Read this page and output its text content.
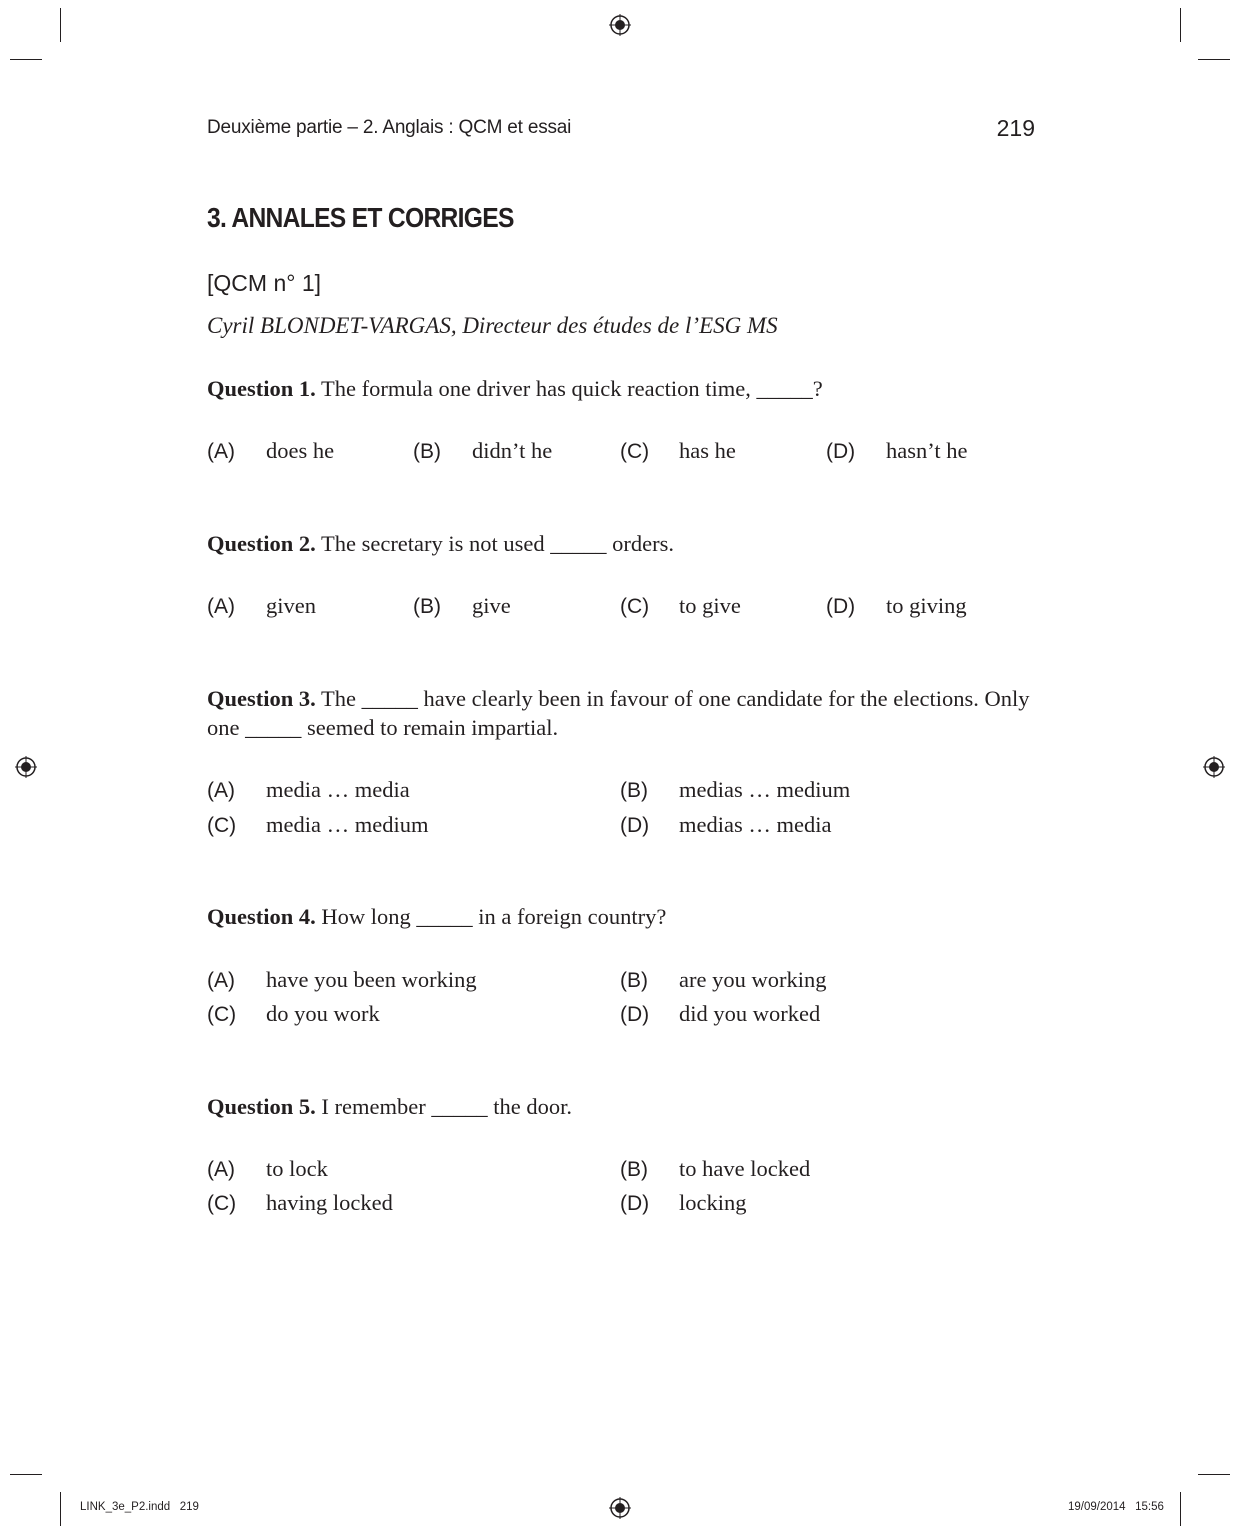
Deuxième partie – 2. Anglais : QCM et essai	219
3. ANNALES ET CORRIGES
[QCM n° 1]
Cyril BLONDET-VARGAS, Directeur des études de l’ESG MS
Question 1. The formula one driver has quick reaction time, _____?
(A) does he	(B) didn’t he	(C) has he	(D) hasn’t he
Question 2. The secretary is not used _____ orders.
(A) given	(B) give	(C) to give	(D) to giving
Question 3. The _____ have clearly been in favour of one candidate for the elections. Only one _____ seemed to remain impartial.
(A) media … media	(B) medias … medium
(C) media … medium	(D) medias … media
Question 4. How long _____ in a foreign country?
(A) have you been working	(B) are you working
(C) do you work	(D) did you worked
Question 5. I remember _____ the door.
(A) to lock	(B) to have locked
(C) having locked	(D) locking
LINK_3e_P2.indd   219	19/09/2014   15:56
